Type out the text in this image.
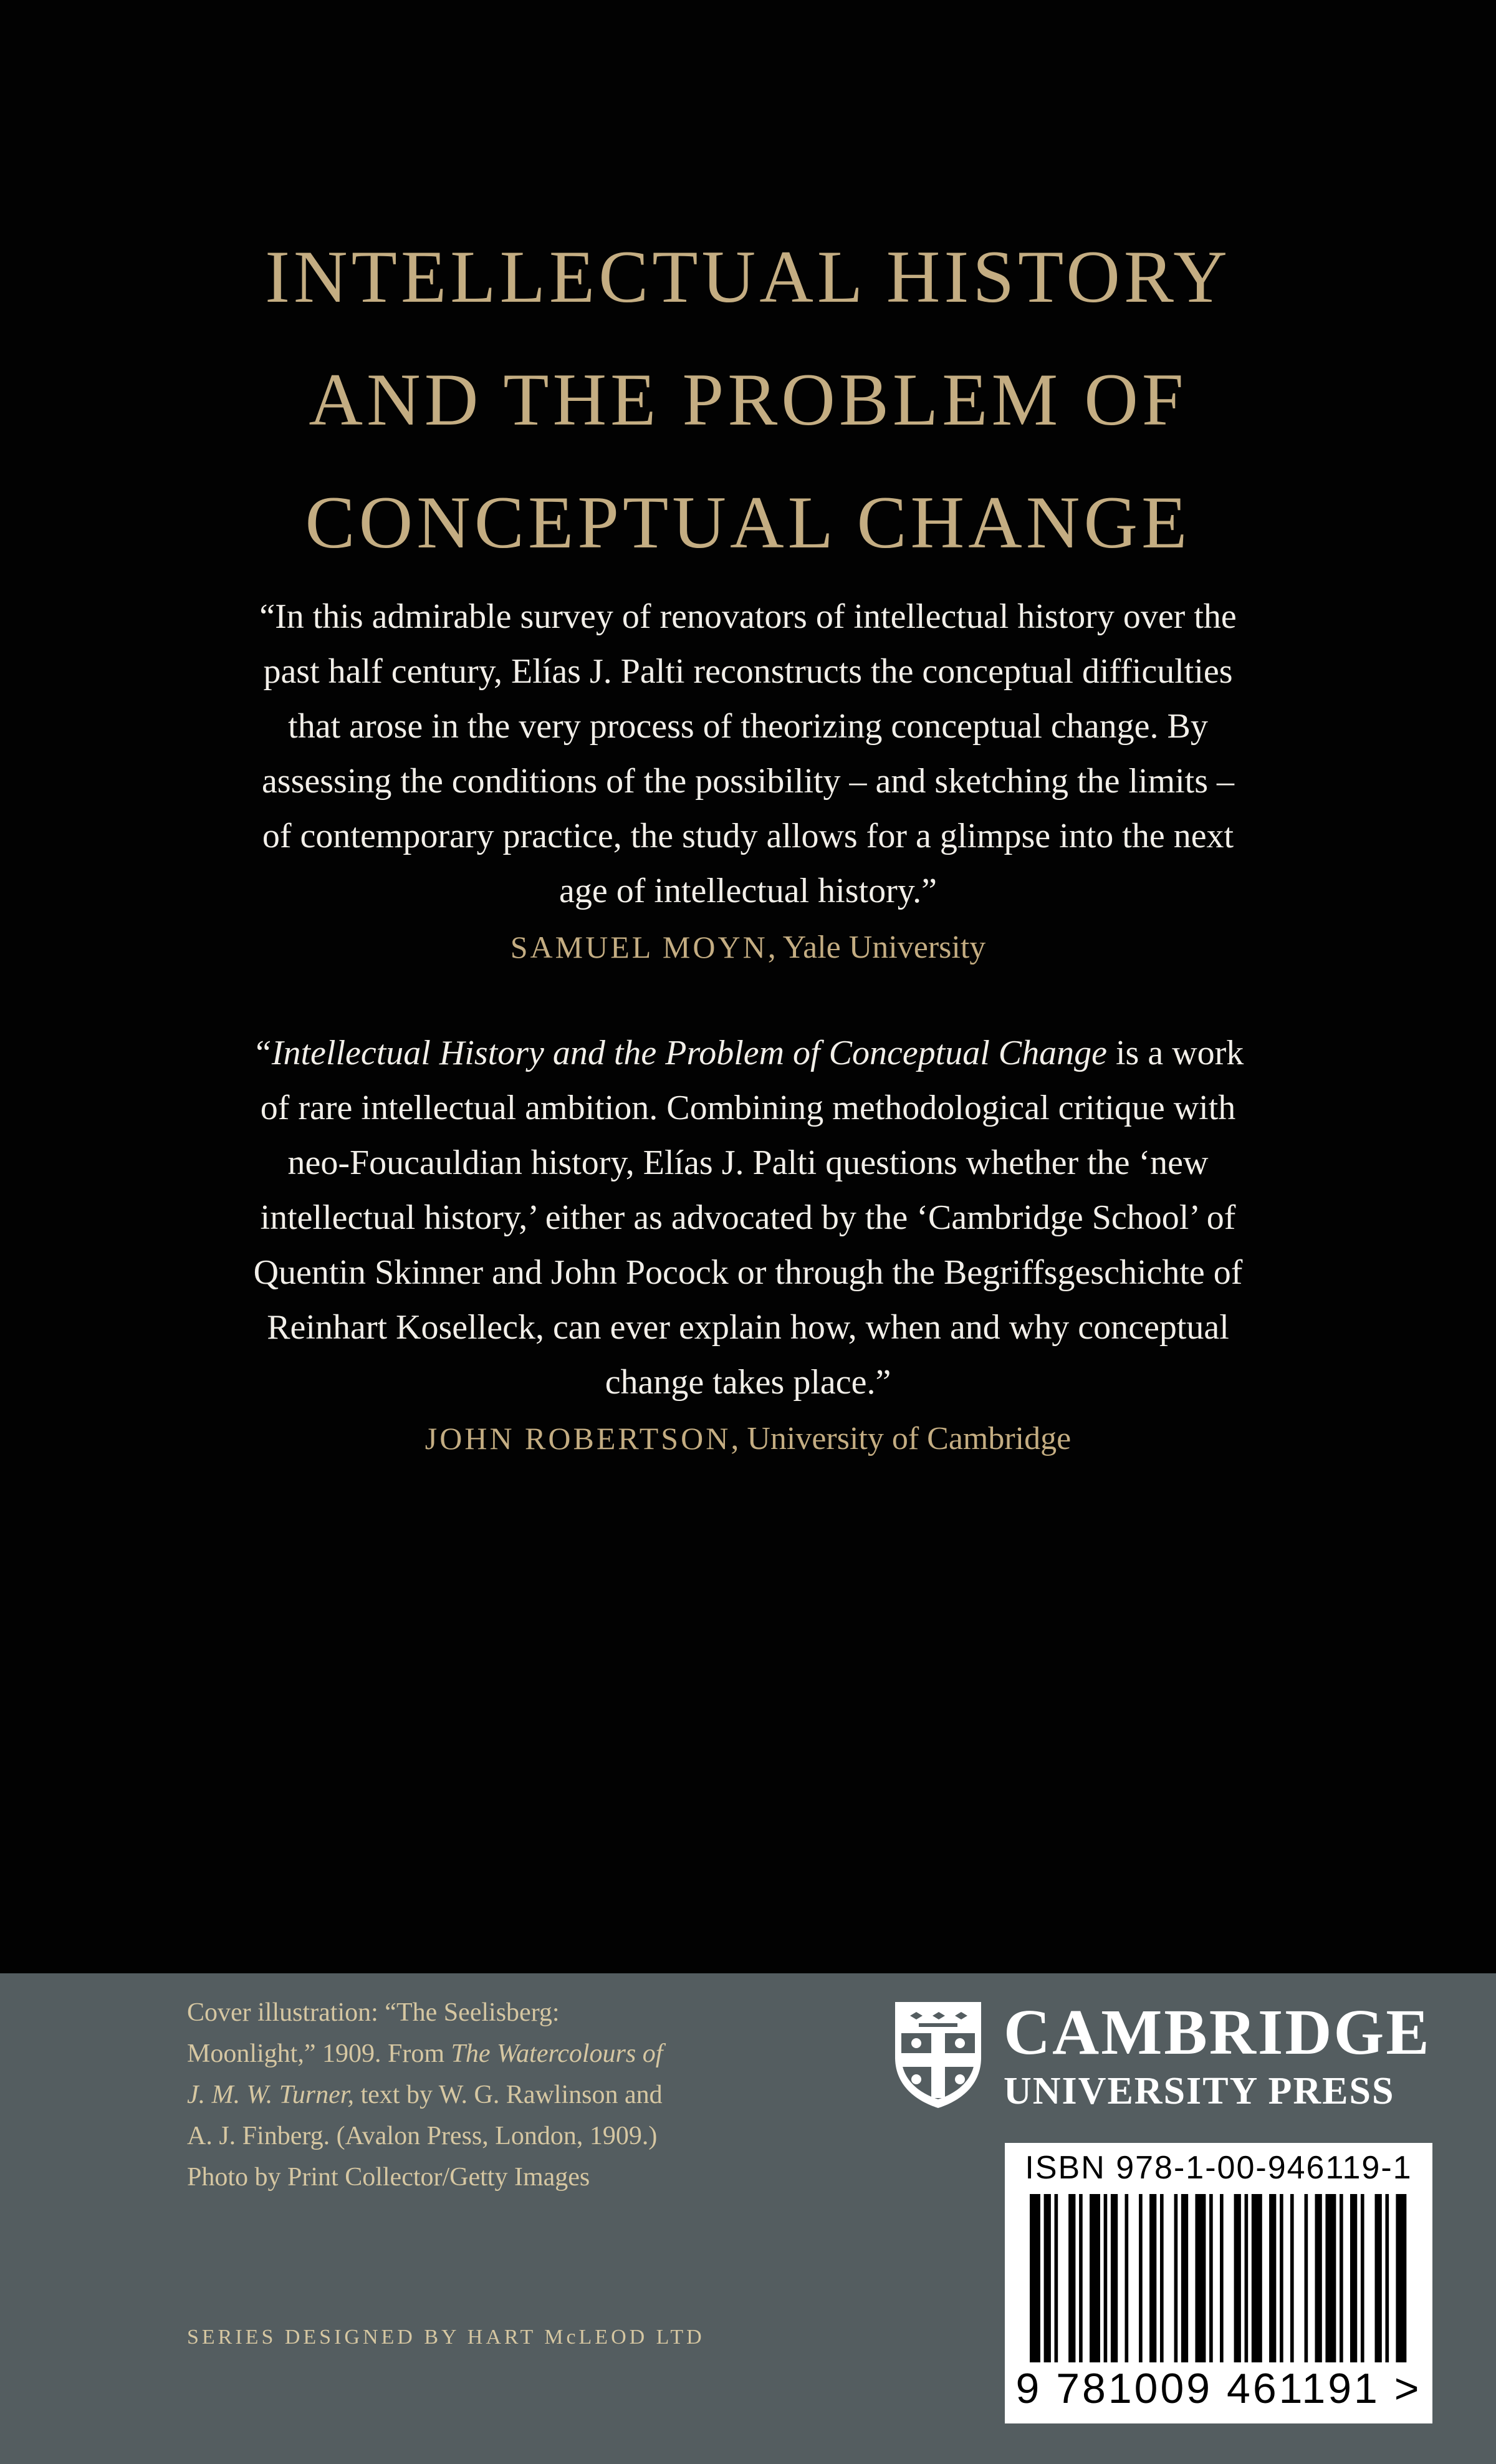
INTELLECTUAL HISTORY
AND THE PROBLEM OF
CONCEPTUAL CHANGE

“In this admirable survey of renovators of intellectual history over the
past half century, Elías J. Palti reconstructs the conceptual difficulties
that arose in the very process of theorizing conceptual change. By
assessing the conditions of the possibility – and sketching the limits –
of contemporary practice, the study allows for a glimpse into the next
age of intellectual history.”
SAMUEL MOYN, Yale University

“Intellectual History and the Problem of Conceptual Change is a work
of rare intellectual ambition. Combining methodological critique with
neo-Foucauldian history, Elías J. Palti questions whether the ‘new
intellectual history,’ either as advocated by the ‘Cambridge School’ of
Quentin Skinner and John Pocock or through the Begriffsgeschichte of
Reinhart Koselleck, can ever explain how, when and why conceptual
change takes place.”
JOHN ROBERTSON, University of Cambridge

Cover illustration: “The Seelisberg:
Moonlight,” 1909. From The Watercolours of
J. M. W. Turner, text by W. G. Rawlinson and
A. J. Finberg. (Avalon Press, London, 1909.)
Photo by Print Collector/Getty Images

SERIES DESIGNED BY HART McLEOD LTD

CAMBRIDGE
UNIVERSITY PRESS

ISBN 978-1-00-946119-1

9 781009 461191 >
